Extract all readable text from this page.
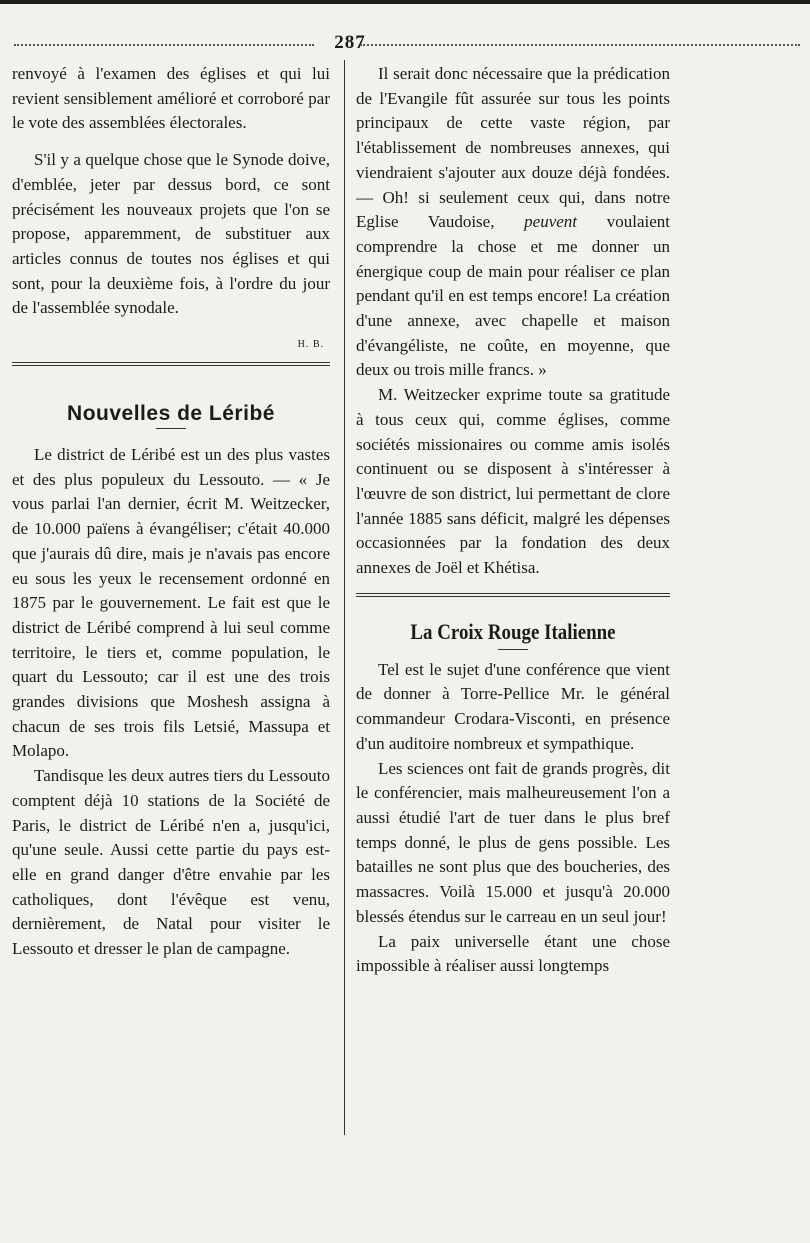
287

renvoyé à l'examen des églises et qui lui revient sensiblement amélioré et corroboré par le vote des assemblées électorales.

S'il y a quelque chose que le Synode doive, d'emblée, jeter par dessus bord, ce sont précisément les nouveaux projets que l'on se propose, apparemment, de substituer aux articles connus de toutes nos églises et qui sont, pour la deuxième fois, à l'ordre du jour de l'assemblée synodale.

H. B.
Nouvelles de Léribé

Le district de Léribé est un des plus vastes et des plus populeux du Lessouto. — « Je vous parlai l'an dernier, écrit M. Weitzecker, de 10.000 païens à évangéliser; c'était 40.000 que j'aurais dû dire, mais je n'avais pas encore eu sous les yeux le recensement ordonné en 1875 par le gouvernement. Le fait est que le district de Léribé comprend à lui seul comme territoire, le tiers et, comme population, le quart du Lessouto; car il est une des trois grandes divisions que Moshesh assigna à chacun de ses trois fils Letsié, Massupa et Molapo.

Tandisque les deux autres tiers du Lessouto comptent déjà 10 stations de la Société de Paris, le district de Léribé n'en a, jusqu'ici, qu'une seule. Aussi cette partie du pays est-elle en grand danger d'être envahie par les catholiques, dont l'évêque est venu, dernièrement, de Natal pour visiter le Lessouto et dresser le plan de campagne.

Il serait donc nécessaire que la prédication de l'Evangile fût assurée sur tous les points principaux de cette vaste région, par l'établissement de nombreuses annexes, qui viendraient s'ajouter aux douze déjà fondées. — Oh! si seulement ceux qui, dans notre Eglise Vaudoise, peuvent voulaient comprendre la chose et me donner un énergique coup de main pour réaliser ce plan pendant qu'il en est temps encore! La création d'une annexe, avec chapelle et maison d'évangéliste, ne coûte, en moyenne, que deux ou trois mille francs. »

M. Weitzecker exprime toute sa gratitude à tous ceux qui, comme églises, comme sociétés missionaires ou comme amis isolés continuent ou se disposent à s'intéresser à l'œuvre de son district, lui permettant de clore l'année 1885 sans déficit, malgré les dépenses occasionnées par la fondation des deux annexes de Joël et Khétisa.

La Croix Rouge Italienne

Tel est le sujet d'une conférence que vient de donner à Torre-Pellice Mr. le général commandeur Crodara-Visconti, en présence d'un auditoire nombreux et sympathique.

Les sciences ont fait de grands progrès, dit le conférencier, mais malheureusement l'on a aussi étudié l'art de tuer dans le plus bref temps donné, le plus de gens possible. Les batailles ne sont plus que des boucheries, des massacres. Voilà 15.000 et jusqu'à 20.000 blessés étendus sur le carreau en un seul jour!

La paix universelle étant une chose impossible à réaliser aussi longtemps
